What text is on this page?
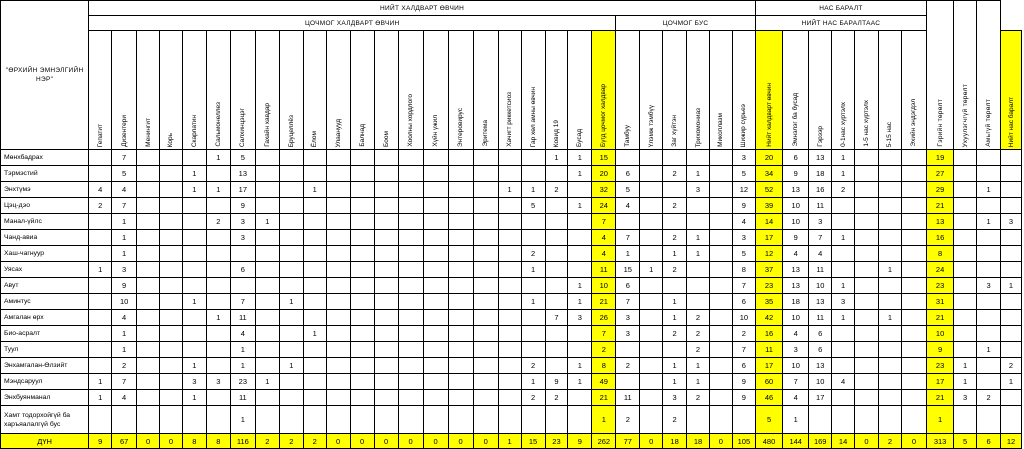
"ӨРХИЙН ЭМНЭЛГИЙН НЭР"	НИЙТ ХАЛДВАРТ ӨВЧИН																												НАС БАРАЛТ							Гэрийн төрөлт	Ухуулэгчгүй төрөлт	Амьгүй төрөлт	

	ЦОЧМОГ ХАЛДВАРТ ӨВЧИН																						ЦОЧМОГ БУС						НИЙТ НАС БАРАЛТААС										

	Гепатит	Дизентери	Менингит	Корь	Скарлатин	Сальмонеллез	Салхинцэцэг	Гахайн хавдар	Бруцеллёз	Ёлом	Улаанууд	Балнад	Боом	Хоолны хордлого	Хүйн үжил	Энтеровирус	Эритема	Хачигт риккетсиоз	Гар хөл амны өвчин	Ковид 19	Бусад	Бүгд цочмог халдвар	Тамбуу	Үлэмж тэмбүү	Заг хүйтэн	Трихомониаз	Микоплазм	Шижир сүрьеэ	Нийт халдварт өвчин	Эмнэлэг ба бусад	Гэрээр	0-1нас хүртэлх	1-5 нас хүртэлх	5-15 нас	Эхийн эндэгдэл				Нийт нас баралт

Мөнхбадрах		7				1	5													1	1	15						3	20	6	13	1				19			
Тэрмэстий		5			1		13														1	20	6		2	1		5	34	9	18	1				27			
Энхтүмэ	4	4			1	1	17			1								1	1	2		32	5			3		12	52	13	16	2				29		1	
Цэц-дэо	2	7					9												5		1	24	4		2			9	39	10	11					21			
Манал-үйлс		1				2	3	1														7						4	14	10	3					13		1	3
Чанд-авиа		1					3															4	7		2	1		3	17	9	7	1				16			
Хаш-чагнуур		1																	2			4	1		1	1		5	12	4	4					8			
Уясах	1	3					6												1			11	15	1	2			8	37	13	11			1		24			
Авут		9																			1	10	6					7	23	13	10	1				23		3	1
Аминтус		10			1		7		1										1		1	21	7		1			6	35	18	13	3				31			
Амгалан өрх		4				1	11													7	3	26	3		1	2		10	42	10	11	1		1		21			
Био-асралт		1					4			1												7	3		2	2		2	16	4	6					10			
Туул		1					1															2				2		7	11	3	6					9		1	
Энхамгалан-Өлзийт		2			1		1		1										2		1	8	2		1	1		6	17	10	13					23	1		2
Мэндсаруул	1	7			3	3	23	1											1	9	1	49			1	1		9	60	7	10	4				17	1		1
Энхбуянманал	1	4			1		11												2	2		21	11		3	2		9	46	4	17					21	3	2	
Хамт тодорхойгүй ба харъяалалгүй бус							1															1	2		2				5	1						1			
ДҮН	9	67	0	0	8	8	116	2	2	2	0	0	0	0	0	0	0	1	15	23	9	262	77	0	18	18	0	105	480	144	169	14	0	2	0	313	5	6	12
